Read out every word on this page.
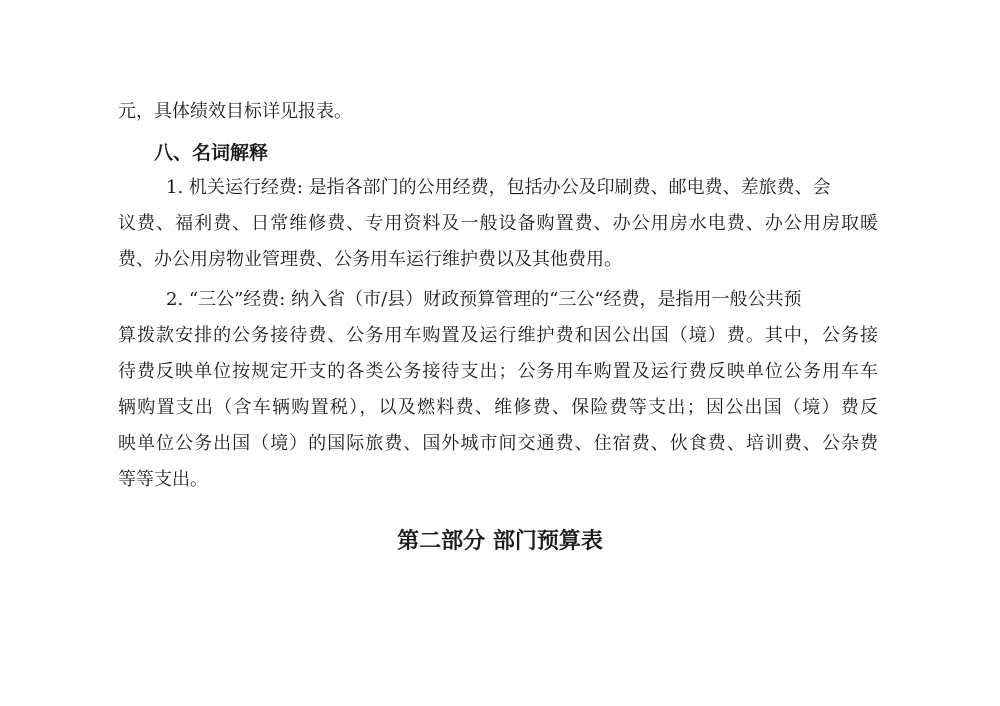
元，具体绩效目标详见报表。
八、名词解释
1. 机关运行经费: 是指各部门的公用经费，包括办公及印刷费、邮电费、差旅费、会
议费、福利费、日常维修费、专用资料及一般设备购置费、办公用房水电费、办公用房取暖
费、办公用房物业管理费、公务用车运行维护费以及其他费用。
2. “三公”经费: 纳入省（市/县）财政预算管理的“三公“经费，是指用一般公共预
算拨款安排的公务接待费、公务用车购置及运行维护费和因公出国（境）费。其中，公务接
待费反映单位按规定开支的各类公务接待支出；公务用车购置及运行费反映单位公务用车车
辆购置支出（含车辆购置税），以及燃料费、维修费、保险费等支出；因公出国（境）费反
映单位公务出国（境）的国际旅费、国外城市间交通费、住宿费、伙食费、培训费、公杂费
等等支出。
第二部分 部门预算表
